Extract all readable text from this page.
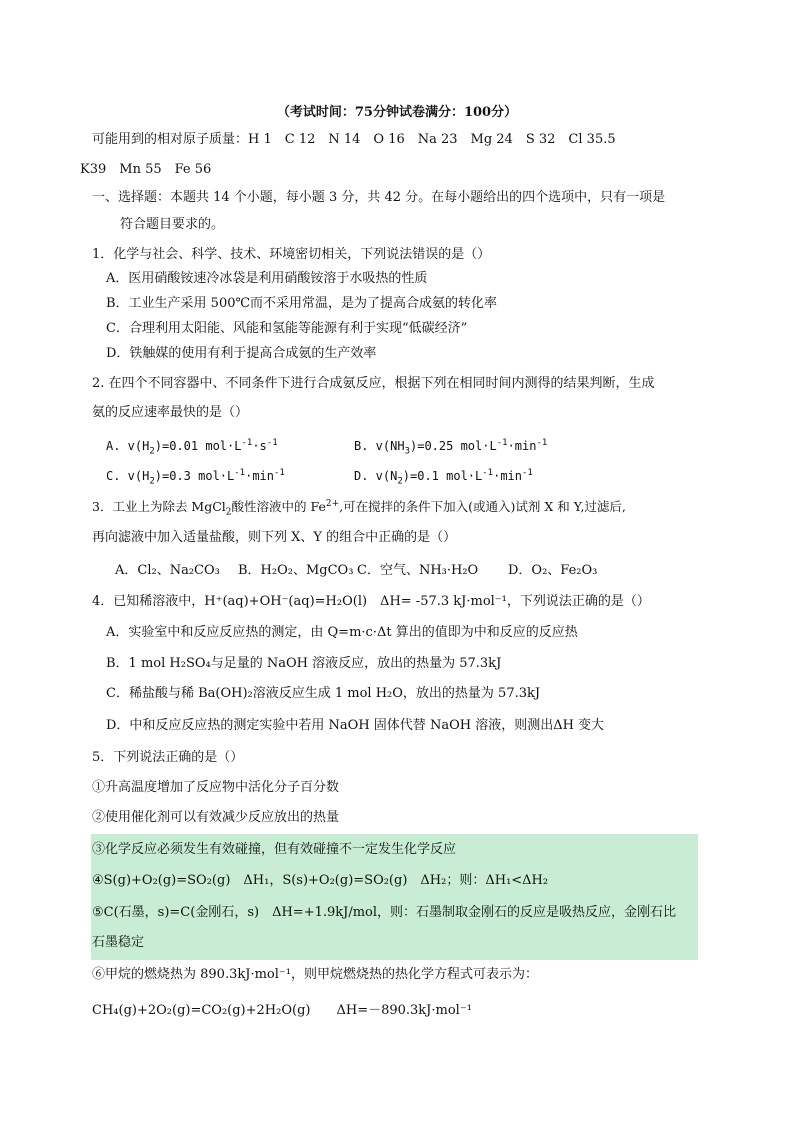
（考试时间：75分钟试卷满分：100分）
可能用到的相对原子质量：H 1　C 12　N 14　O 16　Na 23　Mg 24　S 32　Cl 35.5
K39　Mn 55　Fe 56
一、选择题：本题共 14 个小题，每小题 3 分，共 42 分。在每小题给出的四个选项中，只有一项是
符合题目要求的。
1．化学与社会、科学、技术、环境密切相关，下列说法错误的是（）
A．医用硝酸铵速冷冰袋是利用硝酸铵溶于水吸热的性质
B．工业生产采用 500℃而不采用常温，是为了提高合成氨的转化率
C．合理利用太阳能、风能和氢能等能源有利于实现“低碳经济”
D．铁触媒的使用有利于提高合成氨的生产效率
2. 在四个不同容器中、不同条件下进行合成氨反应，根据下列在相同时间内测得的结果判断，生成
氨的反应速率最快的是（）
A. $v(H_2)=0.01$ $mol\cdot L^{-1}\cdot s^{-1}$	B. $v(NH_3)=0.25$ $mol\cdot L^{-1}\cdot\min^{-1}$
C. $v(H_2)=0.3$ $mol\cdot L^{-1}\cdot\min^{-1}$	D. $v(N_2)=0.1$ $mol\cdot L^{-1}\cdot\min^{-1}$
3．工业上为除去 MgCl$_2$酸性溶液中的 $Fe^{2+}$,可在搅拌的条件下加入(或通入)试剂 X 和 Y,过滤后,
再向滤液中加入适量盐酸，则下列 X、Y 的组合中正确的是（）
A．Cl₂、Na₂CO₃ B．H₂O₂、MgCO₃ C．空气、NH₃·H₂O D．O₂、Fe₂O₃
4．已知稀溶液中，H⁺(aq)+OH⁻(aq)=H₂O(l)　ΔH= -57.3 kJ·mol⁻¹，下列说法正确的是（）
A．实验室中和反应反应热的测定，由 Q=m·c·Δt 算出的值即为中和反应的反应热
B．1 mol H₂SO₄与足量的 NaOH 溶液反应，放出的热量为 57.3kJ
C．稀盐酸与稀 Ba(OH)₂溶液反应生成 1 mol H₂O，放出的热量为 57.3kJ
D．中和反应反应热的测定实验中若用 NaOH 固体代替 NaOH 溶液，则测出ΔH 变大
5．下列说法正确的是（）
①升高温度增加了反应物中活化分子百分数
②使用催化剂可以有效减少反应放出的热量
③化学反应必须发生有效碰撞，但有效碰撞不一定发生化学反应
④S(g)+O₂(g)=SO₂(g)　ΔH₁，S(s)+O₂(g)=SO₂(g)　ΔH₂；则：ΔH₁<ΔH₂
⑤C(石墨，s)=C(金刚石，s)　ΔH=+1.9kJ/mol，则：石墨制取金刚石的反应是吸热反应，金刚石比
石墨稳定
⑥甲烷的燃烧热为 890.3kJ·mol⁻¹，则甲烷燃烧热的热化学方程式可表示为：
CH₄(g)+2O₂(g)=CO₂(g)+2H₂O(g)　　ΔH=－890.3kJ·mol⁻¹
